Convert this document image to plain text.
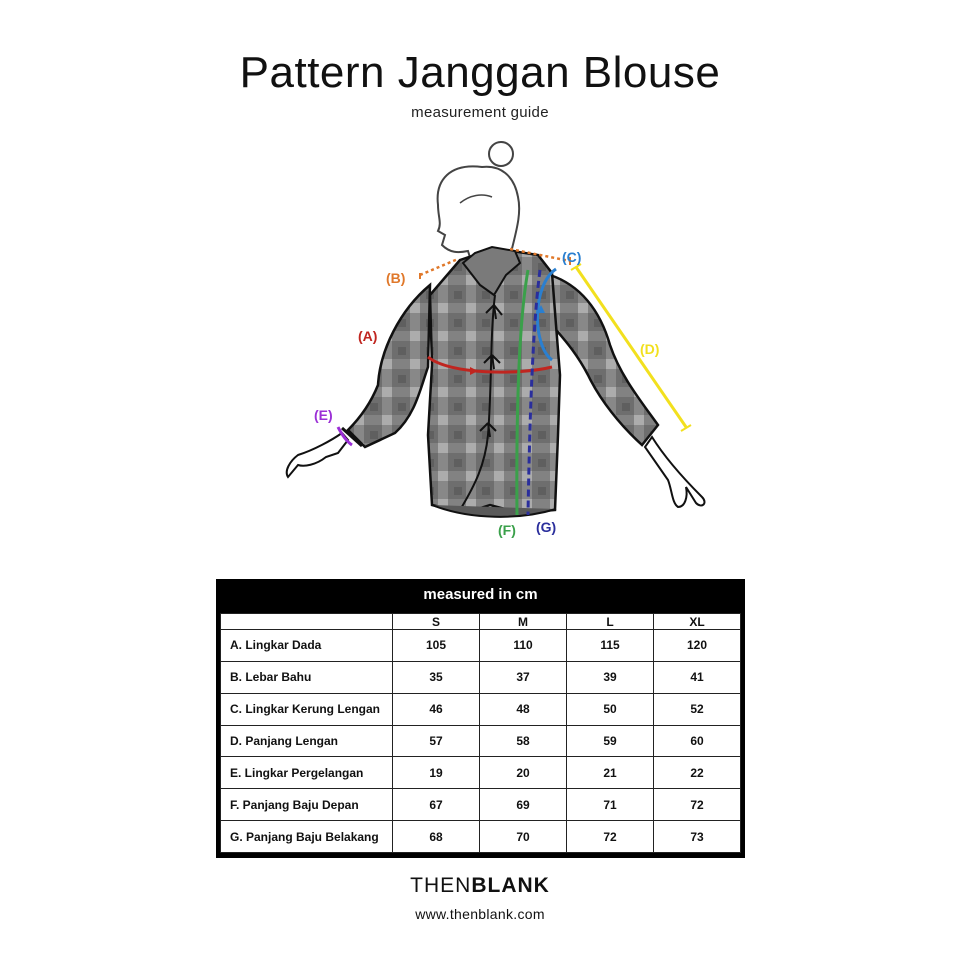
Pattern Janggan Blouse
measurement guide
(A)
(B)
(C)
(D)
(E)
(F) (G)
measured in cm
	S	M	L	XL
A. Lingkar Dada	105	110	115	120
B. Lebar Bahu	35	37	39	41
C. Lingkar Kerung Lengan	46	48	50	52
D. Panjang Lengan	57	58	59	60
E. Lingkar Pergelangan	19	20	21	22
F. Panjang Baju Depan	67	69	71	72
G. Panjang Baju Belakang	68	70	72	73
THENBLANK
www.thenblank.com
